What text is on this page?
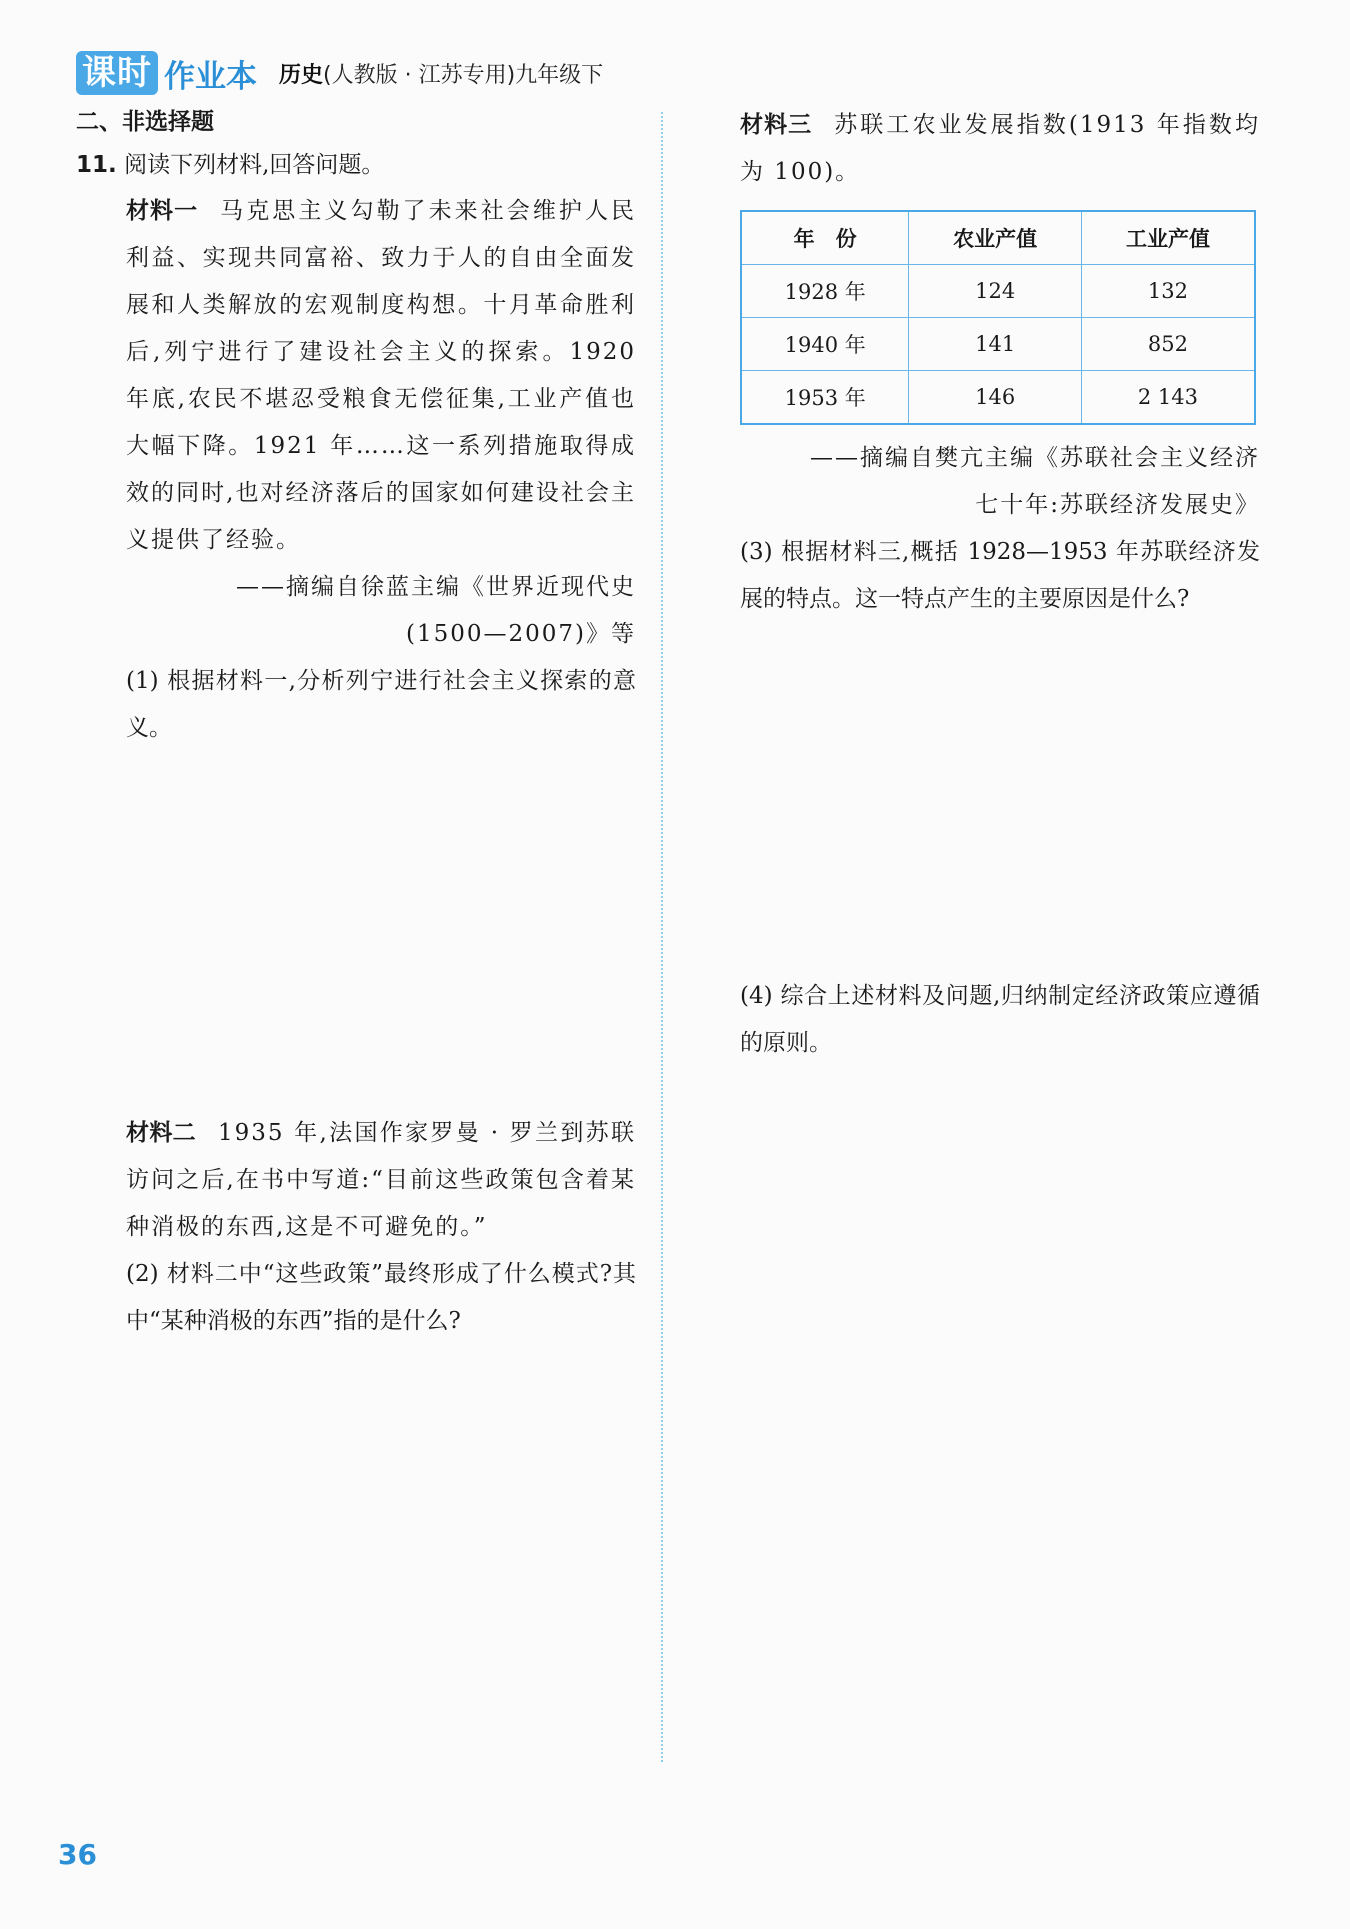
课时 作业本 历史 (人教版 · 江苏专用)九年级下
二、非选择题
11. 阅读下列材料,回答问题。

材料一 马克思主义勾勒了未来社会维护人民利益、实现共同富裕、致力于人的自由全面发展和人类解放的宏观制度构想。十月革命胜利后,列宁进行了建设社会主义的探索。1920 年底,农民不堪忍受粮食无偿征集,工业产值也大幅下降。1921 年……这一系列措施取得成效的同时,也对经济落后的国家如何建设社会主义提供了经验。

——摘编自徐蓝主编《世界近现代史

(1500—2007)》等

(1) 根据材料一,分析列宁进行社会主义探索的意义。

材料二 1935 年,法国作家罗曼 · 罗兰到苏联访问之后,在书中写道:“目前这些政策包含着某种消极的东西,这是不可避免的。”

(2) 材料二中“这些政策”最终形成了什么模式?其中“某种消极的东西”指的是什么?

材料三 苏联工农业发展指数(1913 年指数均为 100)。

年　份	农业产值	工业产值
1928 年	124	132
1940 年	141	852
1953 年	146	2 143

——摘编自樊亢主编《苏联社会主义经济

七十年:苏联经济发展史》

(3) 根据材料三,概括 1928—1953 年苏联经济发展的特点。这一特点产生的主要原因是什么?

(4) 综合上述材料及问题,归纳制定经济政策应遵循的原则。

36
